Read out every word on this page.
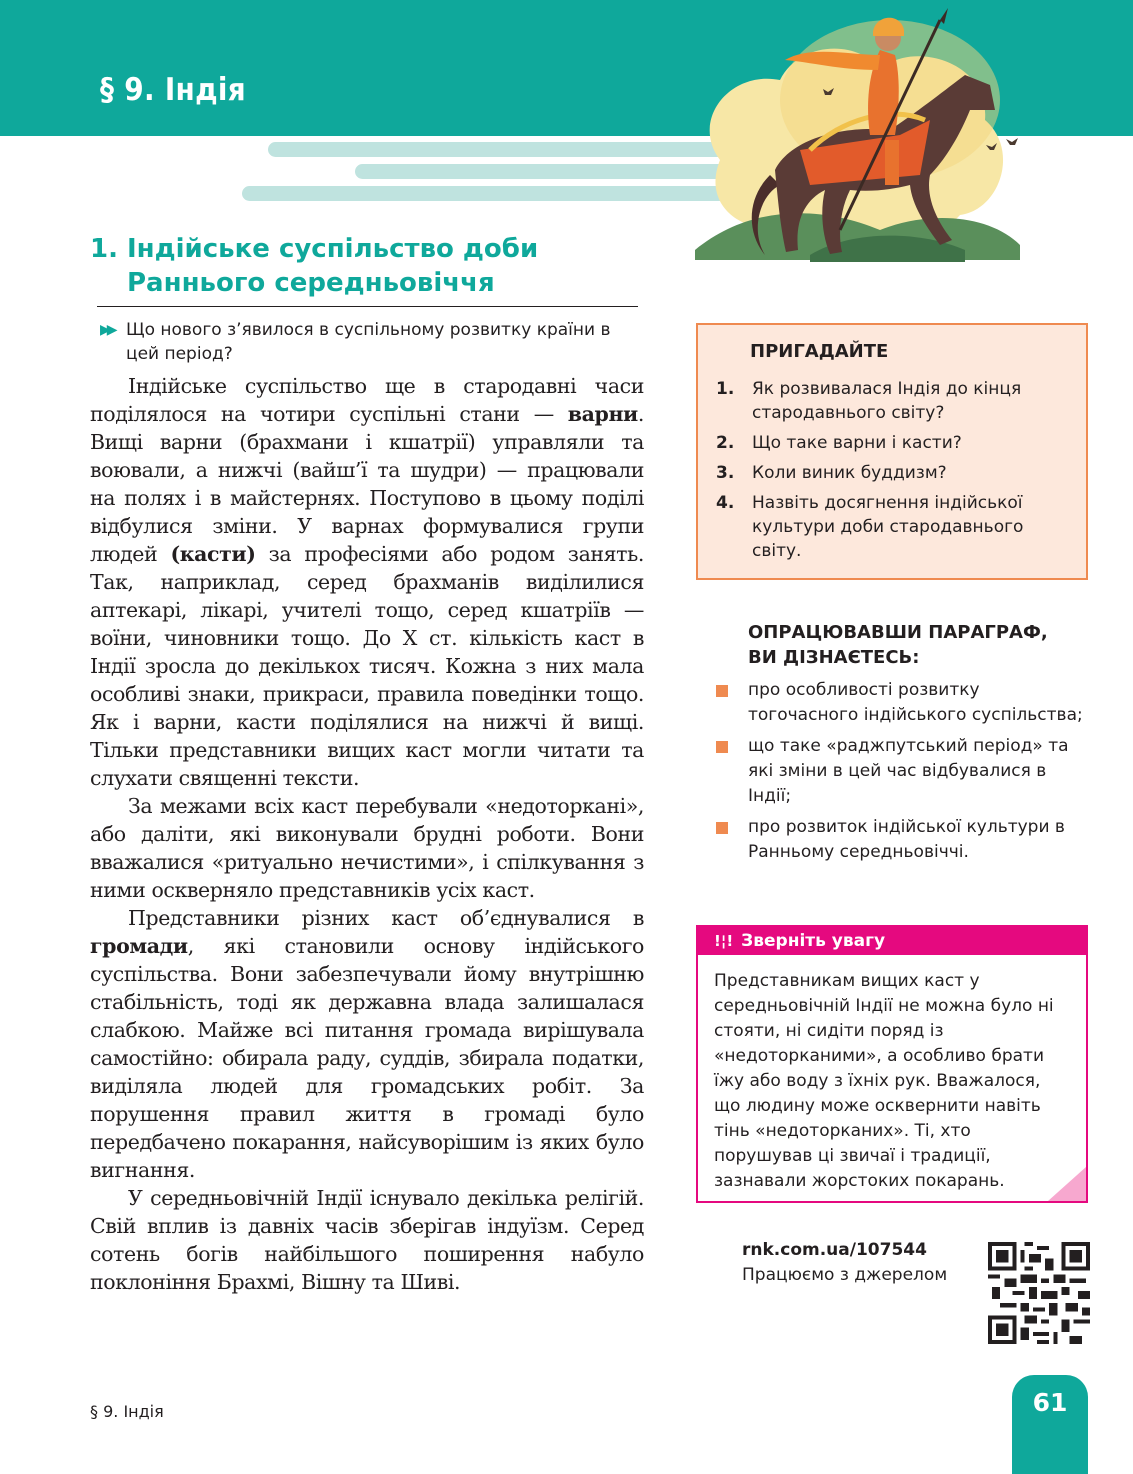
§ 9. Індія
1. Індійське суспільство доби Раннього середньовіччя
▶▶ Що нового з’явилося в суспільному розвитку країни в цей період?

Індійське суспільство ще в стародавні часи поділялося на чотири суспільні стани — варни. Вищі варни (брахмани і кшатрії) управляли та воювали, а нижчі (вайш’ї та шудри) — працювали на полях і в майстернях. Поступово в цьому поділі відбулися зміни. У варнах формувалися групи людей (касти) за професіями або родом занять. Так, наприклад, серед брахманів виділилися аптекарі, лікарі, учителі тощо, серед кшатріїв — воїни, чиновники тощо. До X ст. кількість каст в Індії зросла до декількох тисяч. Кожна з них мала особливі знаки, прикраси, правила поведінки тощо. Як і варни, касти поділялися на нижчі й вищі. Тільки представники вищих каст могли читати та слухати священні тексти.

За межами всіх каст перебували «недоторкані», або даліти, які виконували брудні роботи. Вони вважалися «ритуально нечистими», і спілкування з ними осквернялo представників усіх каст.

Представники різних каст об’єднувалися в громади, які становили основу індійського суспільства. Вони забезпечували йому внутрішню стабільність, тоді як державна влада залишалася слабкою. Майже всі питання громада вирішувала самостійно: обирала раду, суддів, збирала податки, виділяла людей для громадських робіт. За порушення правил життя в громаді було передбачено покарання, найсуворішим із яких було вигнання.

У середньовічній Індії існувало декілька релігій. Свій вплив із давніх часів зберігав індуїзм. Серед сотень богів найбільшого поширення набуло поклоніння Брахмі, Вішну та Шиві.

ПРИГАДАЙТЕ
1. Як розвивалася Індія до кінця стародавнього світу?
2. Що таке варни і касти?
3. Коли виник буддизм?
4. Назвіть досягнення індійської культури доби стародавнього світу.
ОПРАЦЮВАВШИ ПАРАГРАФ,
ВИ ДІЗНАЄТЕСЬ:
про особливості розвитку тогочасного індійського суспільства;
що таке «раджпутський період» та які зміни в цей час відбувалися в Індії;
про розвиток індійської культури в Ранньому середньовіччі.
!¦! Зверніть увагу
Представникам вищих каст у середньовічній Індії не можна було ні стояти, ні сидіти поряд із «недоторканими», а особливо брати їжу або воду з їхніх рук. Вважалося, що людину може осквернити навіть тінь «недоторканих». Ті, хто порушував ці звичаї і традиції, зазнавали жорстоких покарань.
rnk.com.ua/107544
Працюємо з джерелом
§ 9. Індія	61
